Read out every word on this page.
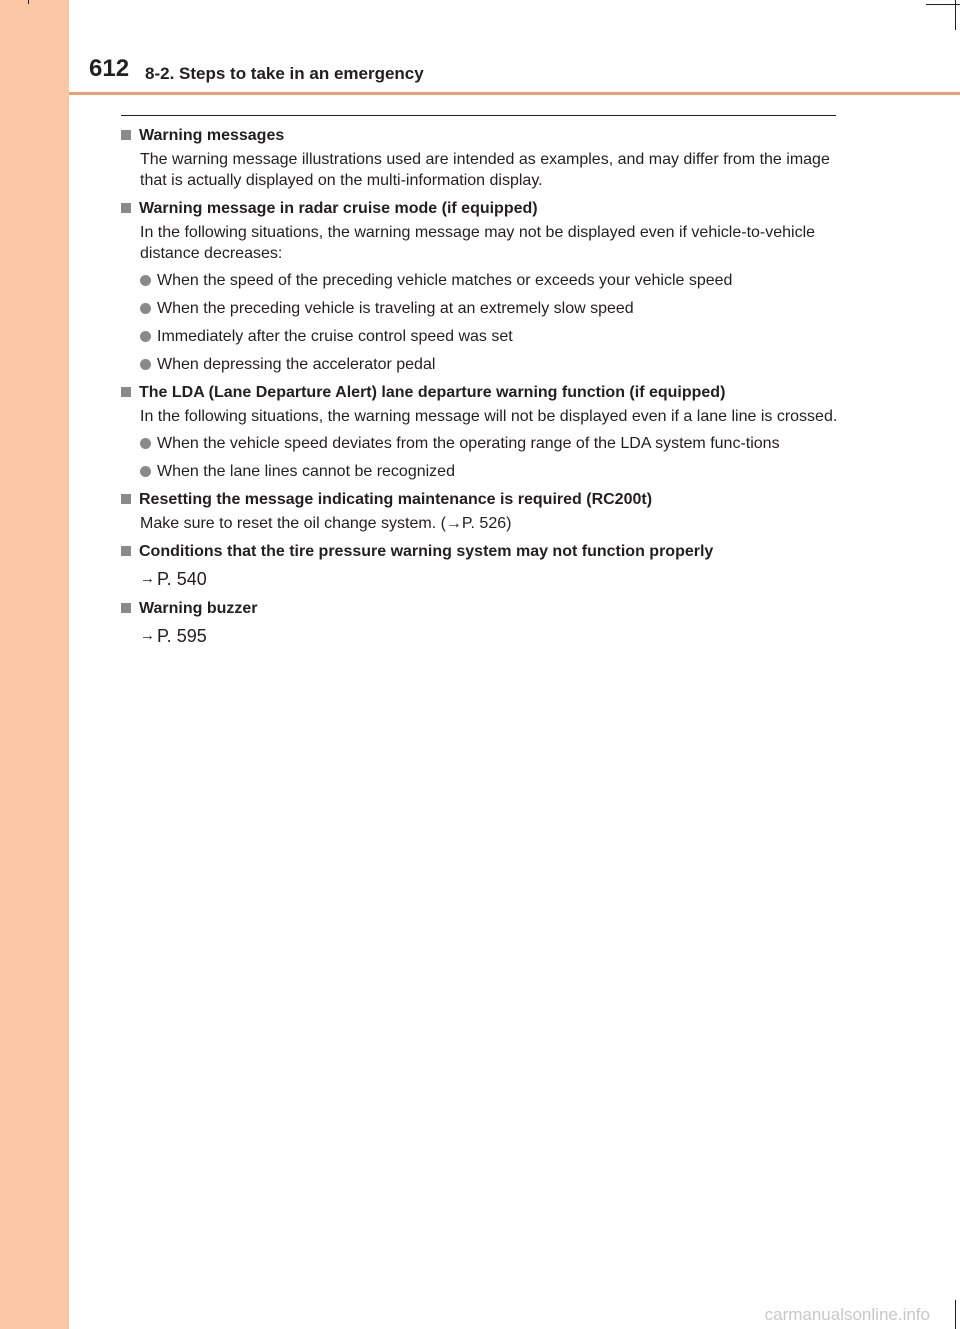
612 8-2. Steps to take in an emergency
Warning messages
The warning message illustrations used are intended as examples, and may differ from the image that is actually displayed on the multi-information display.
Warning message in radar cruise mode (if equipped)
In the following situations, the warning message may not be displayed even if vehicle-to-vehicle distance decreases:
When the speed of the preceding vehicle matches or exceeds your vehicle speed
When the preceding vehicle is traveling at an extremely slow speed
Immediately after the cruise control speed was set
When depressing the accelerator pedal
The LDA (Lane Departure Alert) lane departure warning function (if equipped)
In the following situations, the warning message will not be displayed even if a lane line is crossed.
When the vehicle speed deviates from the operating range of the LDA system func-tions
When the lane lines cannot be recognized
Resetting the message indicating maintenance is required (RC200t)
Make sure to reset the oil change system. (→P. 526)
Conditions that the tire pressure warning system may not function properly
→ P. 540
Warning buzzer
→ P. 595
carmanualsonline.info
